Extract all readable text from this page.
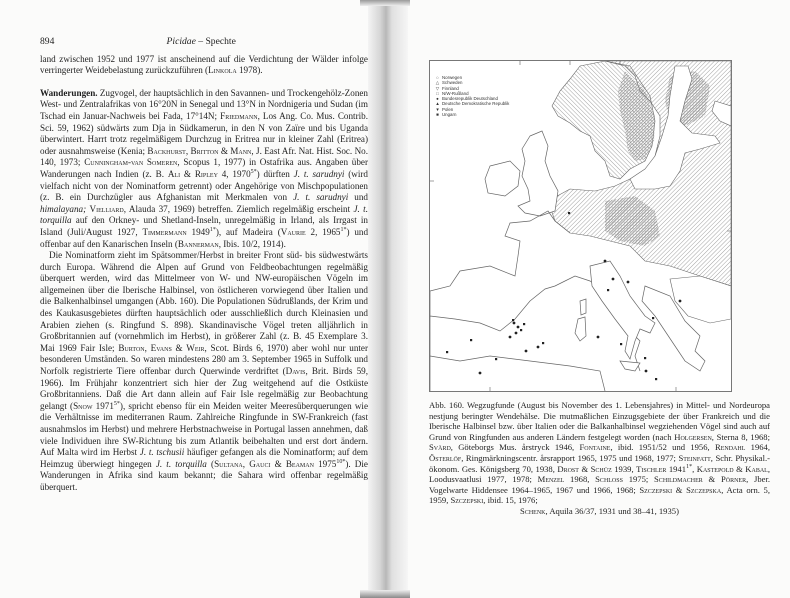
894	Picidae – Spechte

land zwischen 1952 und 1977 ist anscheinend auf die Verdichtung der Wälder infolge verringerter Weidebelastung zurückzuführen (Linkola 1978).

Wanderungen. Zugvogel, der hauptsächlich in den Savannen- und Trockengehölz-Zonen West- und Zentralafrikas von 16°20N in Senegal und 13°N in Nordnigeria und Sudan (im Tschad ein Januar-Nachweis bei Fada, 17°14N; Friedmann, Los Ang. Co. Mus. Contrib. Sci. 59, 1962) südwärts zum Dja in Südkamerun, in den N von Zaïre und bis Uganda überwintert. Harrt trotz regelmäßigem Durchzug in Eritrea nur in kleiner Zahl (Eritrea) oder ausnahmsweise (Kenia; Backhurst, Britton & Mann, J. East Afr. Nat. Hist. Soc. No. 140, 1973; Cunningham-van Someren, Scopus 1, 1977) in Ostafrika aus. Angaben über Wanderungen nach Indien (z. B. Ali & Ripley 4, $1970^{5*}$) dürften J. t. sarudnyi (wird vielfach nicht von der Nominatform getrennt) oder Angehörige von Mischpopulationen (z. B. ein Durchzügler aus Afghanistan mit Merkmalen von J. t. sarudnyi und himalayana; Vielliard, Alauda 37, 1969) betreffen. Ziemlich regelmäßig erscheint J. t. torquilla auf den Orkney- und Shetland-Inseln, unregelmäßig in Irland, als Irrgast in Island (Juli/August 1927, Timmermann $1949^{1*}$), auf Madeira (Vaurie 2, $1965^{1*}$) und offenbar auf den Kanarischen Inseln (Bannerman, Ibis. 10/2, 1914).

Die Nominatform zieht im Spätsommer/Herbst in breiter Front süd- bis südwestwärts durch Europa. Während die Alpen auf Grund von Feldbeobachtungen regelmäßig überquert werden, wird das Mittelmeer von W- und NW-europäischen Vögeln im allgemeinen über die Iberische Halbinsel, von östlicheren vorwiegend über Italien und die Balkenhalbinsel umgangen (Abb. 160). Die Populationen Südrußlands, der Krim und des Kaukasusgebietes dürften hauptsächlich oder ausschließlich durch Kleinasien und Arabien ziehen (s. Ringfund S. 898). Skandinavische Vögel treten alljährlich in Großbritannien auf (vornehmlich im Herbst), in größerer Zahl (z. B. 45 Exemplare 3. Mai 1969 Fair Isle; Burton, Evans & Weir, Scot. Birds 6, 1970) aber wohl nur unter besonderen Umständen. So waren mindestens 280 am 3. September 1965 in Suffolk und Norfolk registrierte Tiere offenbar durch Querwinde verdriftet (Davis, Brit. Birds 59, 1966). Im Frühjahr konzentriert sich hier der Zug weitgehend auf die Ostküste Großbritanniens. Daß die Art dann allein auf Fair Isle regelmäßig zur Beobachtung gelangt (Snow $1971^{5*}$), spricht ebenso für ein Meiden weiter Meeresüberquerungen wie die Verhältnisse im mediterranen Raum. Zahlreiche Ringfunde in SW-Frankreich (fast ausnahmslos im Herbst) und mehrere Herbstnachweise in Portugal lassen annehmen, daß viele Individuen ihre SW-Richtung bis zum Atlantik beibehalten und erst dort ändern. Auf Malta wird im Herbst J. t. tschusii häufiger gefangen als die Nominatform; auf dem Heimzug überwiegt hingegen J. t. torquilla (Sultana, Gauci & Beaman $1975^{10*}$). Die Wanderungen in Afrika sind kaum bekannt; die Sahara wird offenbar regelmäßig überquert.

○ Norwegen
△ Schweden
▽ Finnland
□ N/W-Rußland
● Bundesrepublik Deutschland
▲ Deutsche Demokratische Republik
▼ Polen
■ Ungarn

Abb. 160. Wegzugfunde (August bis November des 1. Lebensjahres) in Mittel- und Nordeuropa nestjung beringter Wendehälse. Die mutmaßlichen Einzugsgebiete der über Frankreich und die Iberische Halbinsel bzw. über Italien oder die Balkanhalbinsel wegziehenden Vögel sind auch auf Grund von Ringfunden aus anderen Ländern festgelegt worden (nach Holgersen, Sterna 8, 1968; Svärd, Göteborgs Mus. årstryck 1946, Fontaine, ibid. 1951/52 und 1956, Rendahl 1964, Österlöf, Ringmärkningscentr. årsrapport 1965, 1975 und 1968, 1977; Steinfatt, Schr. Physikal.-ökonom. Ges. Königsberg 70, 1938, Drost & Schüz 1939, Tischler $1941^{1*}$, Kastepold & Kabal, Loodusvaatlusi 1977, 1978; Menzel 1968, Schloss 1975; Schildmacher & Pörner, Jber. Vogelwarte Hiddensee 1964–1965, 1967 und 1966, 1968; Szczepski & Szczepska, Acta orn. 5, 1959, Szczepski, ibid. 15, 1976;

Schenk, Aquila 36/37, 1931 und 38–41, 1935)
